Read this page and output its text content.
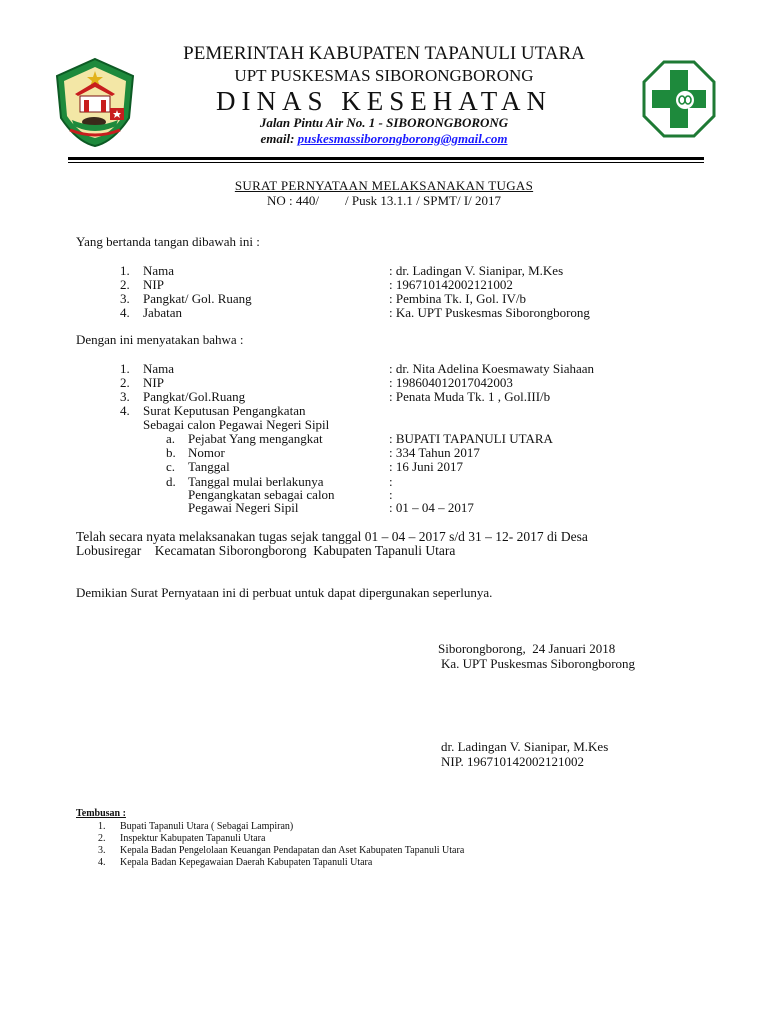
PEMERINTAH KABUPATEN TAPANULI UTARA
UPT PUSKESMAS SIBORONGBORONG
DINAS KESEHATAN
Jalan Pintu Air No. 1 - SIBORONGBORONG
email: puskesmassiborongborong@gmail.com
SURAT PERNYATAAN MELAKSANAKAN TUGAS
NO : 440/        / Pusk 13.1.1 / SPMT/ I/ 2017
Yang bertanda tangan dibawah ini :
1. Nama	: dr. Ladingan V. Sianipar, M.Kes
2. NIP	: 196710142002121002
3. Pangkat/ Gol. Ruang	: Pembina Tk. I, Gol. IV/b
4. Jabatan	: Ka. UPT Puskesmas Siborongborong
Dengan ini menyatakan bahwa :
1. Nama	: dr. Nita Adelina Koesmawaty Siahaan
2. NIP	: 198604012017042003
3. Pangkat/Gol.Ruang	: Penata Muda Tk. 1 , Gol.III/b
4. Surat Keputusan Pengangkatan
Sebagai calon Pegawai Negeri Sipil
a. Pejabat Yang mengangkat	: BUPATI TAPANULI UTARA
b. Nomor	: 334 Tahun 2017
c. Tanggal	: 16 Juni 2017
d. Tanggal mulai berlakunya	:
Pengangkatan sebagai calon	:
Pegawai Negeri Sipil	: 01 – 04 – 2017
Telah secara nyata melaksanakan tugas sejak tanggal 01 – 04 – 2017 s/d 31 – 12- 2017 di Desa
Lobusiregar    Kecamatan Siborongborong  Kabupaten Tapanuli Utara
Demikian Surat Pernyataan ini di perbuat untuk dapat dipergunakan seperlunya.
Siborongborong,  24 Januari 2018
Ka. UPT Puskesmas Siborongborong
dr. Ladingan V. Sianipar, M.Kes
NIP. 196710142002121002
Tembusan :
1. Bupati Tapanuli Utara ( Sebagai Lampiran)
2. Inspektur Kabupaten Tapanuli Utara
3. Kepala Badan Pengelolaan Keuangan Pendapatan dan Aset Kabupaten Tapanuli Utara
4. Kepala Badan Kepegawaian Daerah Kabupaten Tapanuli Utara
